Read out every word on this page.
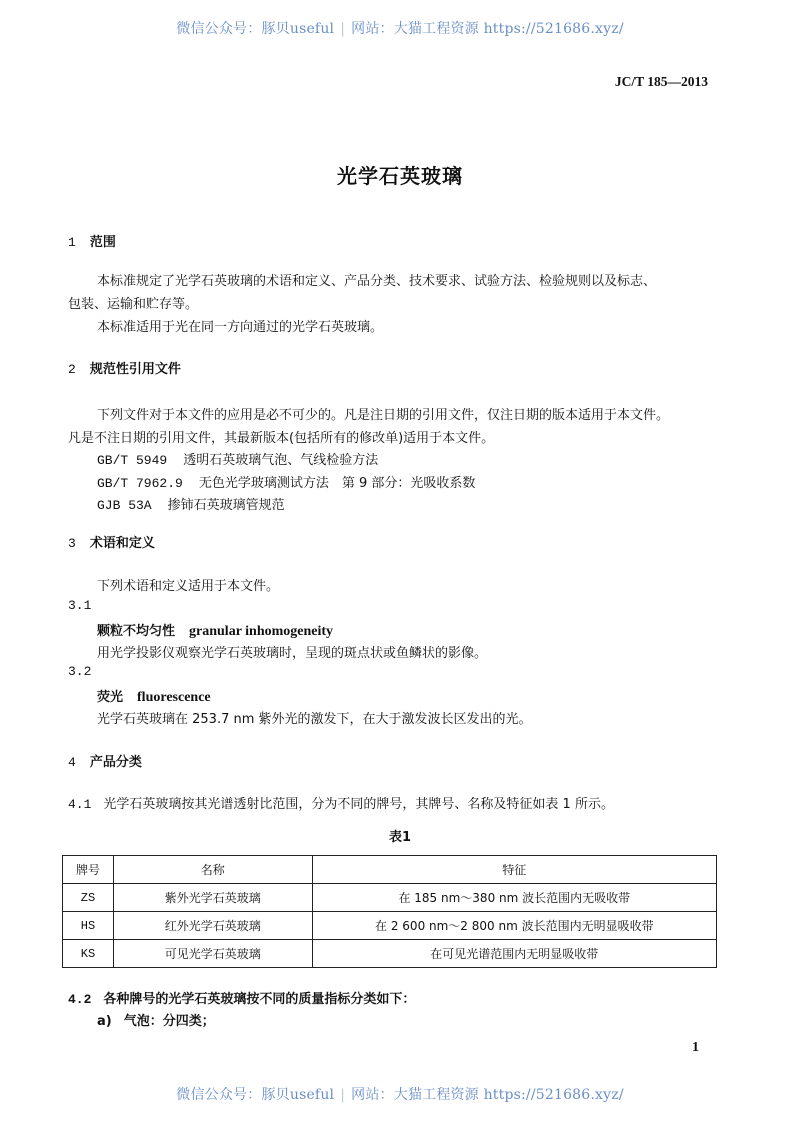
微信公众号：豚贝useful | 网站：大猫工程资源 https://521686.xyz/
JC/T 185—2013
光学石英玻璃
1 范围
本标准规定了光学石英玻璃的术语和定义、产品分类、技术要求、试验方法、检验规则以及标志、
包装、运输和贮存等。
本标准适用于光在同一方向通过的光学石英玻璃。
2 规范性引用文件
下列文件对于本文件的应用是必不可少的。凡是注日期的引用文件，仅注日期的版本适用于本文件。
凡是不注日期的引用文件，其最新版本(包括所有的修改单)适用于本文件。
GB/T 5949 透明石英玻璃气泡、气线检验方法
GB/T 7962.9 无色光学玻璃测试方法　第 9 部分：光吸收系数
GJB 53A 掺铈石英玻璃管规范
3 术语和定义
下列术语和定义适用于本文件。
3.1
颗粒不均匀性 granular inhomogeneity
用光学投影仪观察光学石英玻璃时，呈现的斑点状或鱼鳞状的影像。
3.2
荧光 fluorescence
光学石英玻璃在 253.7 nm 紫外光的激发下，在大于激发波长区发出的光。
4 产品分类
4.1 光学石英玻璃按其光谱透射比范围，分为不同的牌号，其牌号、名称及特征如表 1 所示。
表1
牌号	名称	特征
ZS	紫外光学石英玻璃	在 185 nm～380 nm 波长范围内无吸收带
HS	红外光学石英玻璃	在 2 600 nm～2 800 nm 波长范围内无明显吸收带
KS	可见光学石英玻璃	在可见光谱范围内无明显吸收带
4.2 各种牌号的光学石英玻璃按不同的质量指标分类如下：
a) 气泡：分四类；
1
微信公众号：豚贝useful | 网站：大猫工程资源 https://521686.xyz/
